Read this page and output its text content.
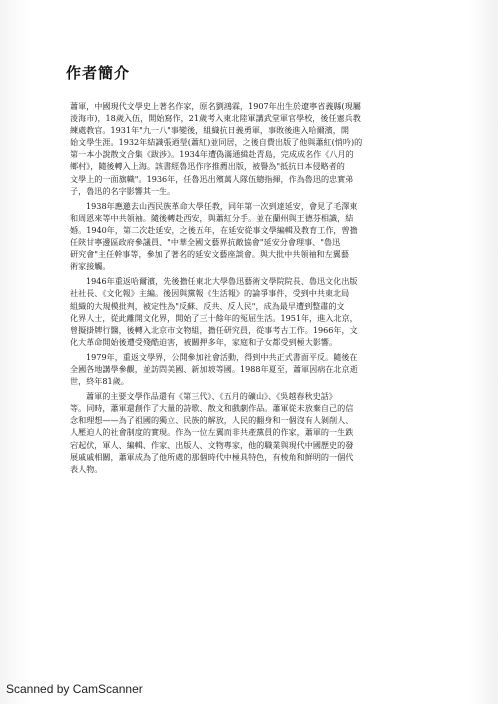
作者簡介

蕭軍，中國現代文學史上著名作家，原名劉鴻霖，1907年出生於遼寧省義縣(現屬
淩海市)，18歲入伍，開始寫作，21歲考入東北陸軍講武堂軍官學校，後任憲兵教
練處教官。1931年"九一八"事變後，組織抗日義勇軍，事敗後進入哈爾濱，開
始文學生涯。1932年結識張迺瑩(蕭紅)並同居，之後自費出版了他與蕭紅(悄吟)的
第一本小說散文合集《跋涉》。1934年遭偽滿通緝赴青島，完成成名作《八月的
鄉村》，隨後轉入上海。該書經魯迅作序推薦出版，被譽為"抵抗日本侵略者的
文學上的一面旗幟"。1936年，任魯迅出殯萬人隊伍總指揮，作為魯迅的忠實弟
子，魯迅的名字影響其一生。

1938年應邀去山西民族革命大學任教，同年第一次到達延安，會見了毛澤東
和周恩來等中共領袖。隨後轉赴西安，與蕭紅分手。並在蘭州與王德芬相識，結
婚。1940年，第二次赴延安，之後五年，在延安從事文學編輯及教育工作，曾擔
任陝甘寧邊區政府參議員、"中華全國文藝界抗敵協會"延安分會理事、"魯迅
研究會"主任幹事等，參加了著名的延安文藝座談會。與大批中共領袖和左翼藝
術家接觸。

1946年重返哈爾濱，先後擔任東北大學魯迅藝術文學院院長、魯迅文化出版
社社長、《文化報》主編。後因與黨報《生活報》的論爭事件，受到中共東北局
組織的大規模批判，被定性為"反蘇、反共、反人民"，成為最早遭到整肅的文
化界人士，從此離開文化界，開始了三十餘年的冤屈生活。1951年，進入北京，
曾擬掛牌行醫，後轉入北京市文物組，擔任研究員，從事考古工作。1966年，文
化大革命開始後遭受殘酷迫害，被關押多年，家庭和子女都受到極大影響。

1979年，重返文學界，公開參加社會活動，得到中共正式書面平反。隨後在
全國各地講學參觀，並訪問美國、新加坡等國。1988年夏至，蕭軍因病在北京逝
世，終年81歲。

蕭軍的主要文學作品還有《第三代》、《五月的礦山》、《吳越春秋史話》
等。同時，蕭軍還創作了大量的詩歌、散文和戲劇作品。蕭軍從未放棄自己的信
念和理想——為了祖國的獨立、民族的解放，人民的翻身和一個沒有人剝削人、
人壓迫人的社會制度的實現。作為一位左翼而非共產黨員的作家，蕭軍的一生跌
宕起伏，軍人、編輯、作家、出版人、文物專家，他的職業與現代中國歷史的發
展戚戚相關，蕭軍成為了他所處的那個時代中極具特色，有棱角和鮮明的一個代
表人物。

Scanned by CamScanner
